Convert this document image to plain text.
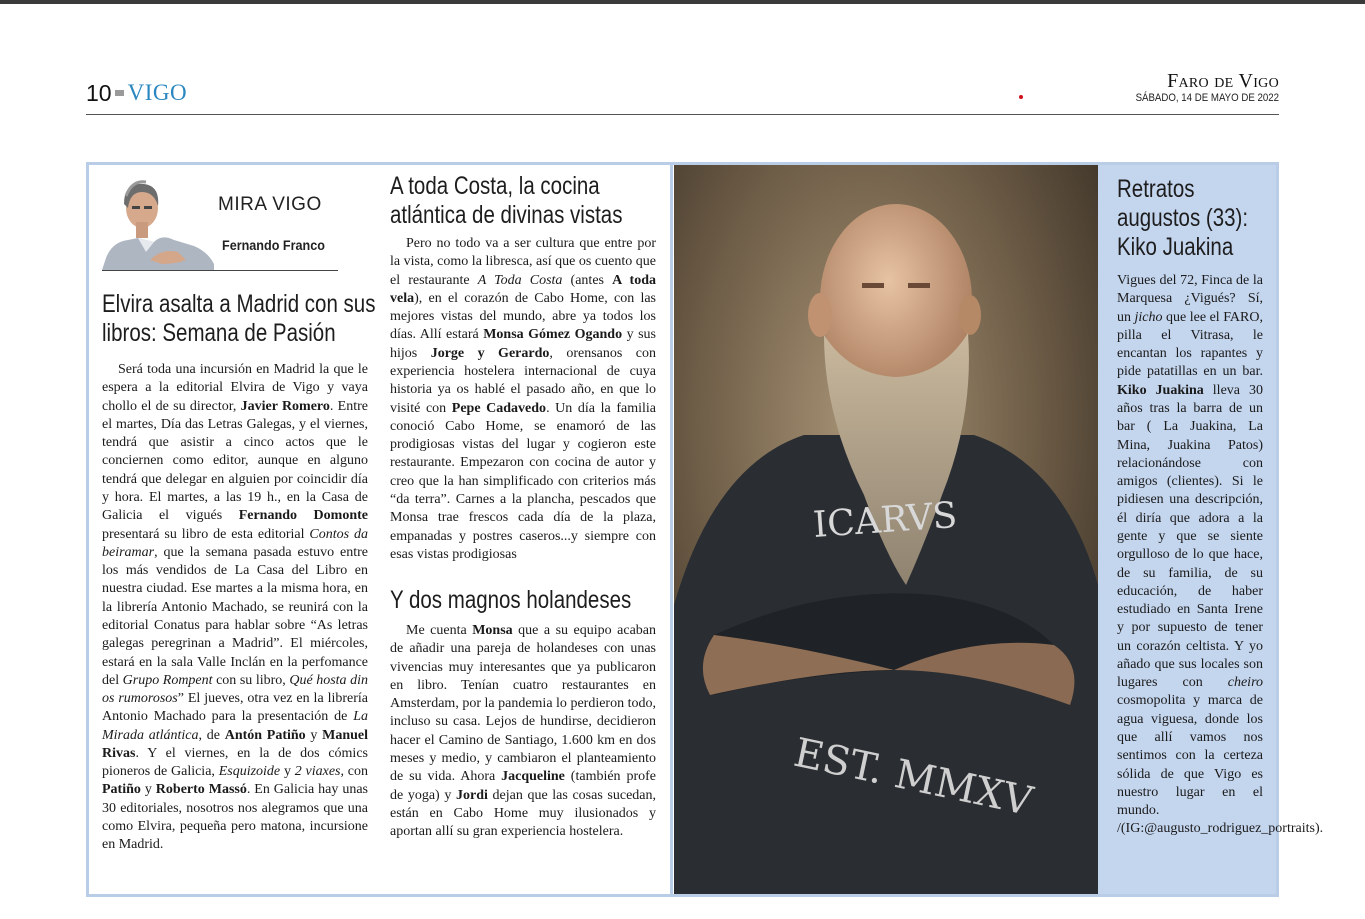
10 VIGO	Faro de Vigo
SÁBADO, 14 DE MAYO DE 2022
MIRA VIGO
Fernando Franco
Elvira asalta a Madrid con sus
libros: Semana de Pasión

Será toda una incursión en Madrid la que le espera a la editorial Elvira de Vigo y vaya chollo el de su director, Javier Romero. Entre el martes, Día das Letras Galegas, y el viernes, tendrá que asistir a cinco actos que le conciernen como editor, aunque en alguno tendrá que delegar en alguien por coincidir día y hora. El martes, a las 19 h., en la Casa de Galicia el vigués Fernando Domonte presentará su libro de esta editorial Contos da beiramar, que la semana pasada estuvo entre los más vendidos de La Casa del Libro en nuestra ciudad. Ese martes a la misma hora, en la librería Antonio Machado, se reunirá con la editorial Conatus para hablar sobre “As letras galegas peregrinan a Madrid”. El miércoles, estará en la sala Valle Inclán en la perfomance del Grupo Rompent con su libro, Qué hosta din os rumorosos” El jueves, otra vez en la librería Antonio Machado para la presentación de La Mirada atlántica, de Antón Patiño y Manuel Rivas. Y el viernes, en la de dos cómics pioneros de Galicia, Esquizoide y 2 viaxes, con Patiño y Roberto Massó. En Galicia hay unas 30 editoriales, nosotros nos alegramos que una como Elvira, pequeña pero matona, incursione en Madrid.

A toda Costa, la cocina
atlántica de divinas vistas

Pero no todo va a ser cultura que entre por la vista, como la libresca, así que os cuento que el restaurante A Toda Costa (antes A toda vela), en el corazón de Cabo Home, con las mejores vistas del mundo, abre ya todos los días. Allí estará Monsa Gómez Ogando y sus hijos Jorge y Gerardo, orensanos con experiencia hostelera internacional de cuya historia ya os hablé el pasado año, en que lo visité con Pepe Cadavedo. Un día la familia conoció Cabo Home, se enamoró de las prodigiosas vistas del lugar y cogieron este restaurante. Empezaron con cocina de autor y creo que la han simplificado con criterios más “da terra”. Carnes a la plancha, pescados que Monsa trae frescos cada día de la plaza, empanadas y postres caseros...y siempre con esas vistas prodigiosas

Y dos magnos holandeses

Me cuenta Monsa que a su equipo acaban de añadir una pareja de holandeses con unas vivencias muy interesantes que ya publicaron en libro. Tenían cuatro restaurantes en Amsterdam, por la pandemia lo perdieron todo, incluso su casa. Lejos de hundirse, decidieron hacer el Camino de Santiago, 1.600 km en dos meses y medio, y cambiaron el planteamiento de su vida. Ahora Jacqueline (también profe de yoga) y Jordi dejan que las cosas sucedan, están en Cabo Home muy ilusionados y aportan allí su gran experiencia hostelera.

ICARVS
EST. MMXV
Retratos
augustos (33):
Kiko Juakina

Vigues del 72, Finca de la Marquesa ¿Vigués? Sí, un jicho que lee el FARO, pilla el Vitrasa, le encantan los rapantes y pide patatillas en un bar. Kiko Juakina lleva 30 años tras la barra de un bar ( La Juakina, La Mina, Juakina Patos) relacionándose con amigos (clientes). Si le pidiesen una descripción, él diría que adora a la gente y que se siente orgulloso de lo que hace, de su familia, de su educación, de haber estudiado en Santa Irene y por supuesto de tener un corazón celtista. Y yo añado que sus locales son lugares con cheiro cosmopolita y marca de agua viguesa, donde los que allí vamos nos sentimos con la certeza sólida de que Vigo es nuestro lugar en el mundo. /(IG:@augusto_rodriguez_portraits).
